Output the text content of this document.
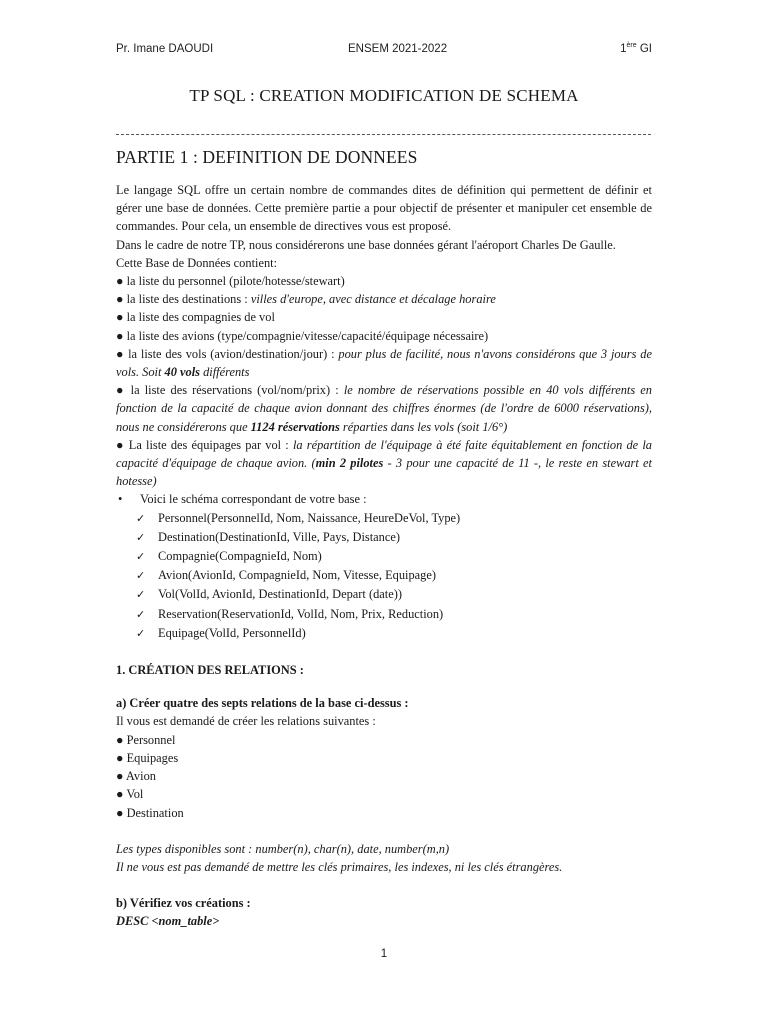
Pr. Imane DAOUDI	ENSEM 2021-2022	1ère GI
TP SQL : CREATION MODIFICATION DE SCHEMA
PARTIE 1 : DEFINITION DE DONNEES

Le langage SQL offre un certain nombre de commandes dites de définition qui permettent de définir et gérer une base de données. Cette première partie a pour objectif de présenter et manipuler cet ensemble de commandes. Pour cela, un ensemble de directives vous est proposé.

Dans le cadre de notre TP, nous considérerons une base données gérant l'aéroport Charles De Gaulle.

Cette Base de Données contient:

● la liste du personnel (pilote/hotesse/stewart)

● la liste des destinations : villes d'europe, avec distance et décalage horaire

● la liste des compagnies de vol

● la liste des avions (type/compagnie/vitesse/capacité/équipage nécessaire)

● la liste des vols (avion/destination/jour) : pour plus de facilité, nous n'avons considérons que 3 jours de vols. Soit 40 vols différents

● la liste des réservations (vol/nom/prix) : le nombre de réservations possible en 40 vols différents en fonction de la capacité de chaque avion donnant des chiffres énormes (de l'ordre de 6000 réservations), nous ne considérerons que 1124 réservations réparties dans les vols (soit 1/6°)

● La liste des équipages par vol : la répartition de l'équipage à été faite équitablement en fonction de la capacité d'équipage de chaque avion. (min 2 pilotes - 3 pour une capacité de 11 -, le reste en stewart et hotesse)

• Voici le schéma correspondant de votre base :

✓ Personnel(PersonnelId, Nom, Naissance, HeureDeVol, Type)

✓ Destination(DestinationId, Ville, Pays, Distance)

✓ Compagnie(CompagnieId, Nom)

✓ Avion(AvionId, CompagnieId, Nom, Vitesse, Equipage)

✓ Vol(VolId, AvionId, DestinationId, Depart (date))

✓ Reservation(ReservationId, VolId, Nom, Prix, Reduction)

✓ Equipage(VolId, PersonnelId)

1. CRÉATION DES RELATIONS :

a) Créer quatre des septs relations de la base ci-dessus :

Il vous est demandé de créer les relations suivantes :

● Personnel

● Equipages

● Avion

● Vol

● Destination

Les types disponibles sont : number(n), char(n), date, number(m,n)

Il ne vous est pas demandé de mettre les clés primaires, les indexes, ni les clés étrangères.

b) Vérifiez vos créations :

DESC <nom_table>

1
